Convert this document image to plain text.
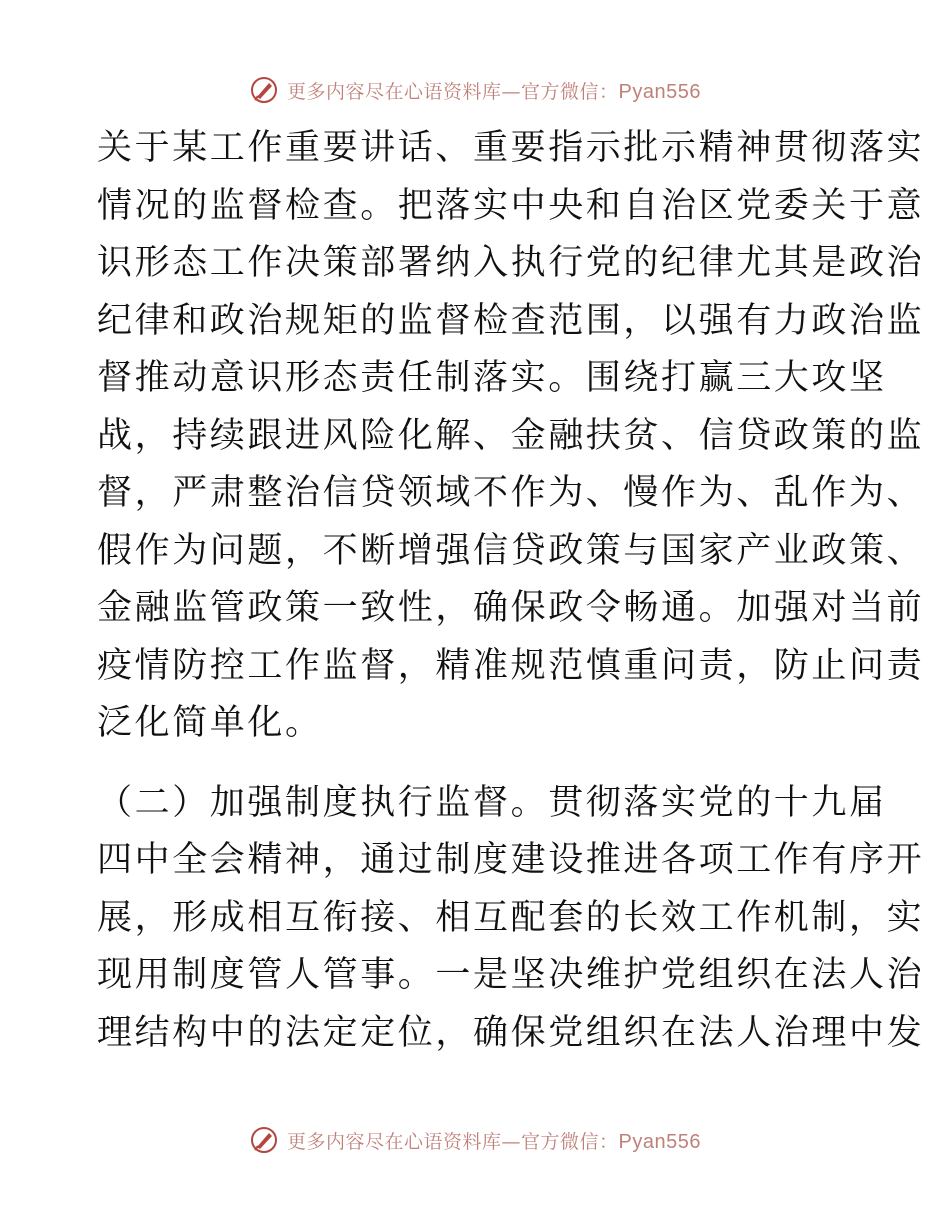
更多内容尽在心语资料库—官方微信：Pyan556

关于某工作重要讲话、重要指示批示精神贯彻落实
情况的监督检查。把落实中央和自治区党委关于意
识形态工作决策部署纳入执行党的纪律尤其是政治
纪律和政治规矩的监督检查范围，以强有力政治监
督推动意识形态责任制落实。围绕打赢三大攻坚
战，持续跟进风险化解、金融扶贫、信贷政策的监
督，严肃整治信贷领域不作为、慢作为、乱作为、
假作为问题，不断增强信贷政策与国家产业政策、
金融监管政策一致性，确保政令畅通。加强对当前
疫情防控工作监督，精准规范慎重问责，防止问责
泛化简单化。

（二）加强制度执行监督。贯彻落实党的十九届
四中全会精神，通过制度建设推进各项工作有序开
展，形成相互衔接、相互配套的长效工作机制，实
现用制度管人管事。一是坚决维护党组织在法人治
理结构中的法定定位，确保党组织在法人治理中发

更多内容尽在心语资料库—官方微信：Pyan556
